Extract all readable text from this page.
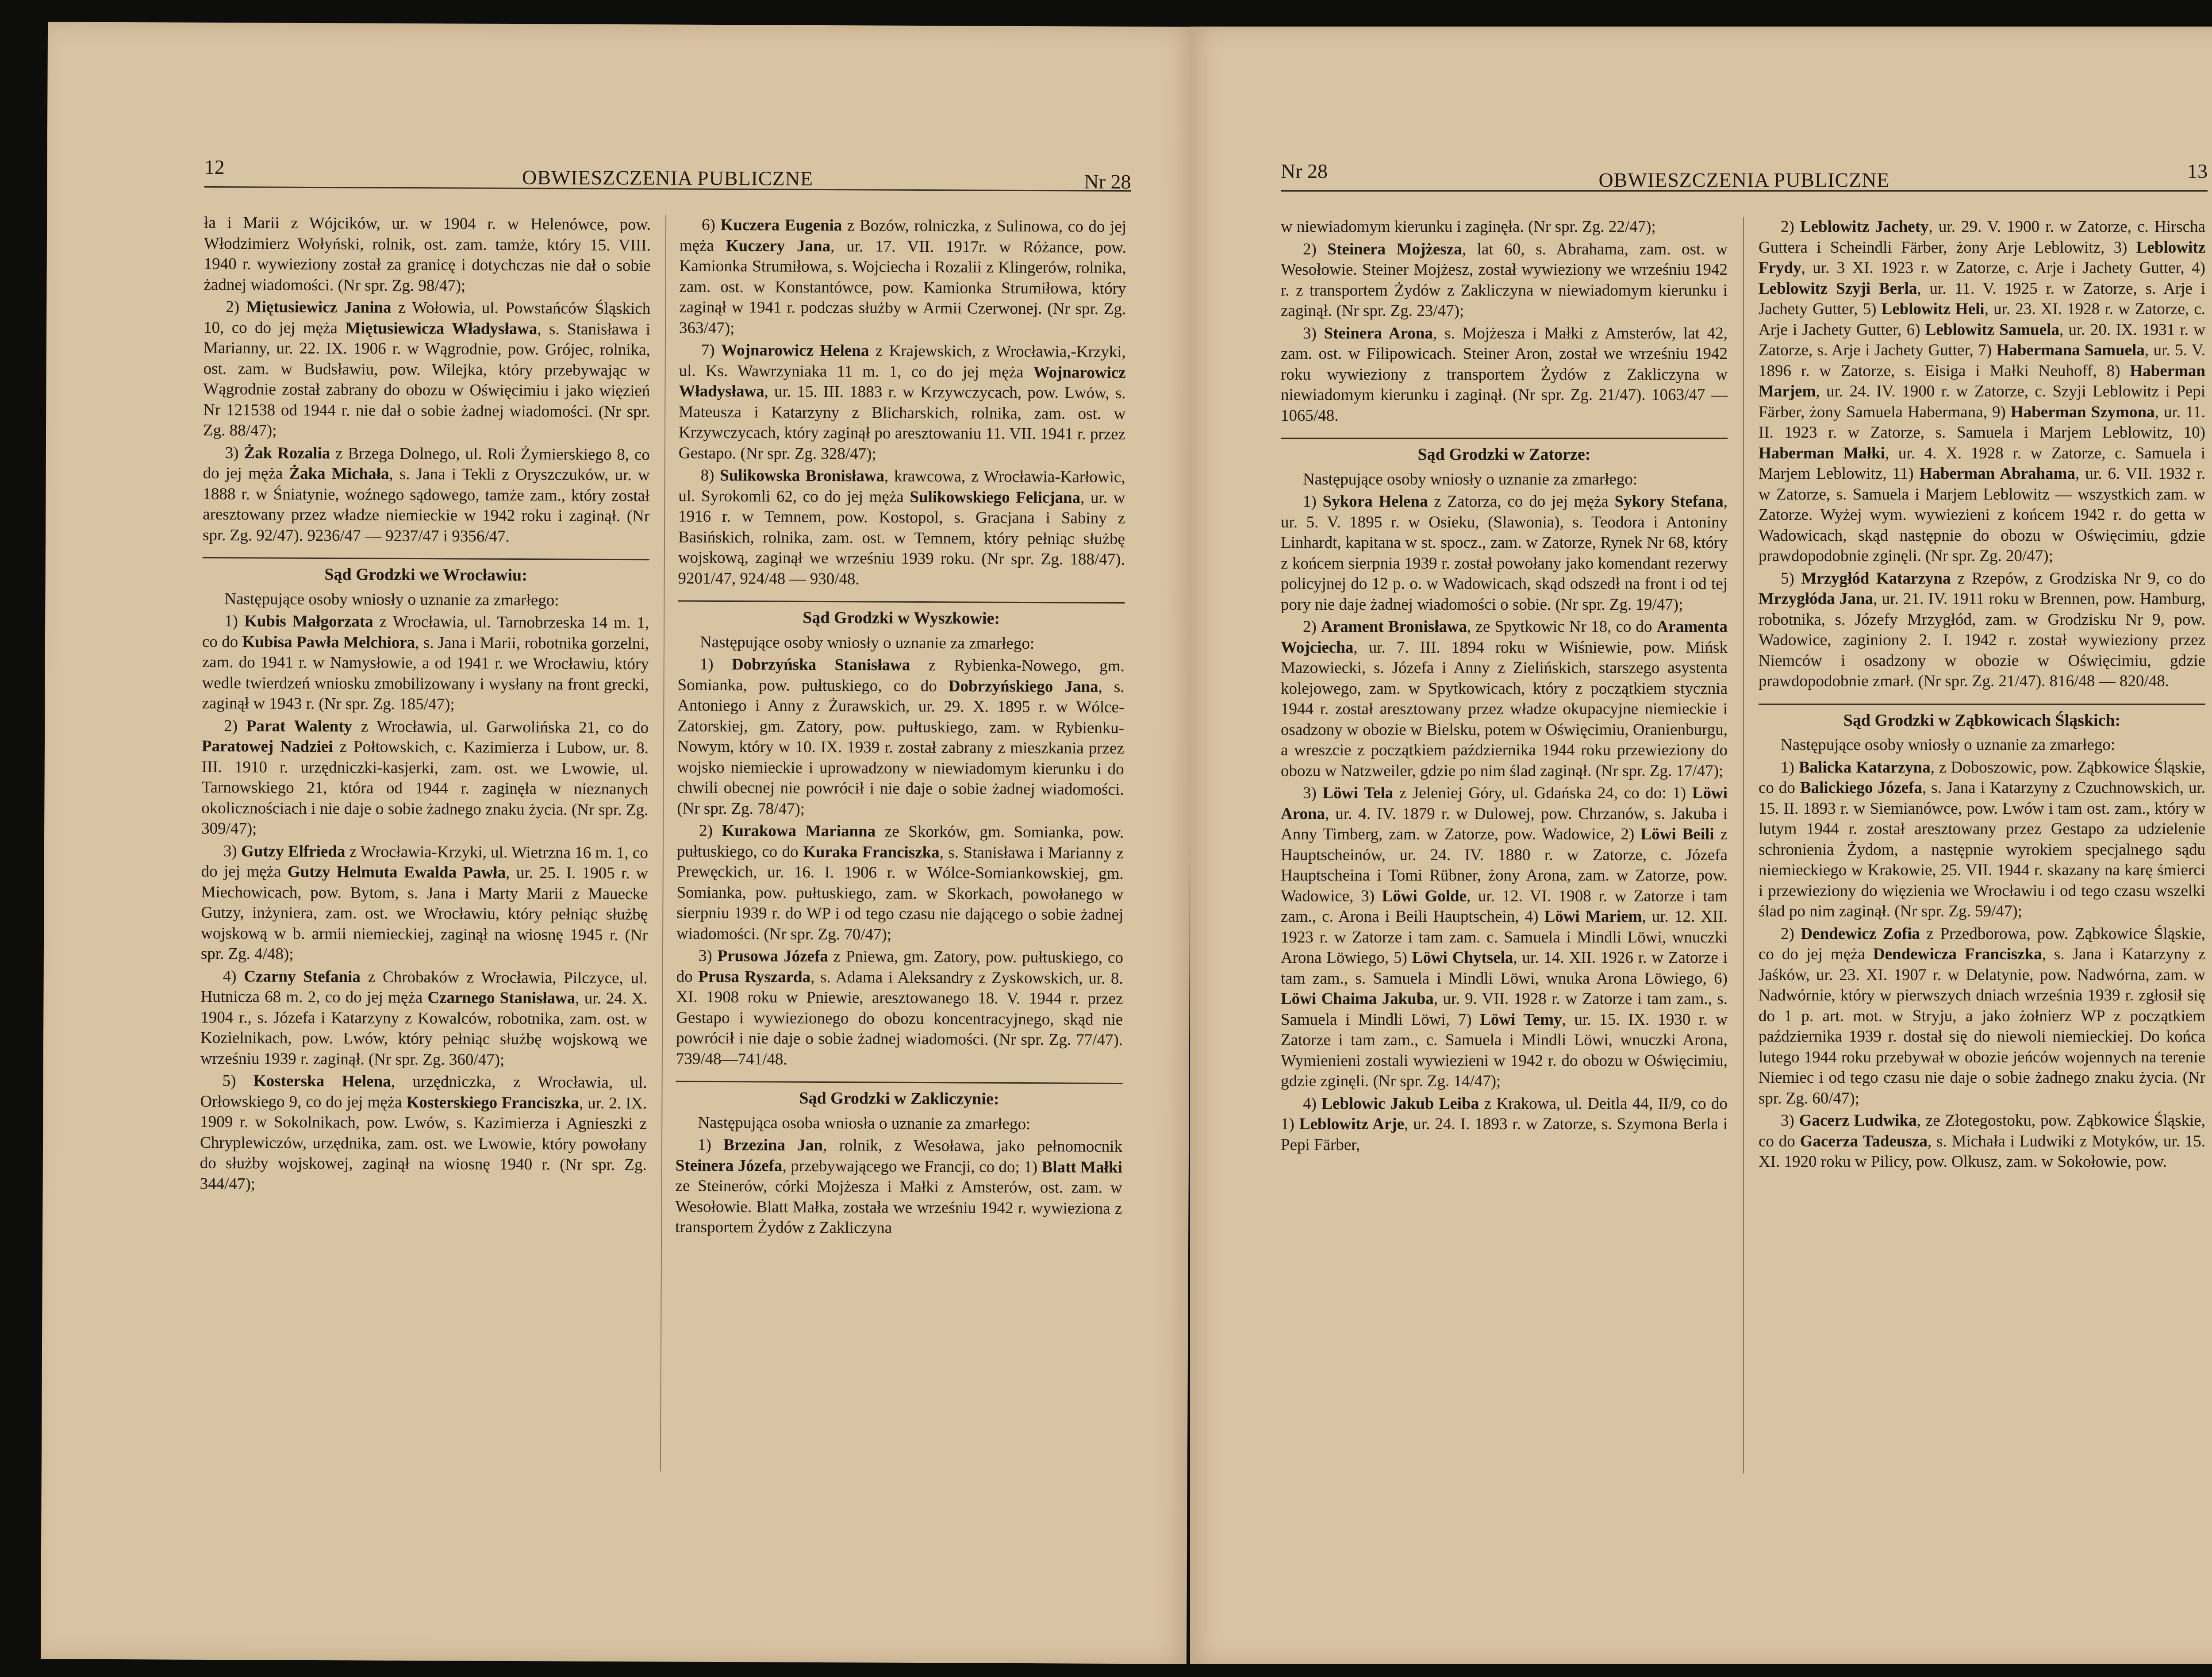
12	OBWIESZCZENIA PUBLICZNE	Nr 28

ła i Marii z Wójcików, ur. w 1904 r. w Helenówce, pow. Włodzimierz Wołyński, rolnik, ost. zam. tamże, który 15. VIII. 1940 r. wywieziony został za granicę i dotychczas nie dał o sobie żadnej wiadomości. (Nr spr. Zg. 98/47);

2) Miętusiewicz Janina z Wołowia, ul. Powstańców Śląskich 10, co do jej męża Miętusiewicza Władysława, s. Stanisława i Marianny, ur. 22. IX. 1906 r. w Wągrodnie, pow. Grójec, rolnika, ost. zam. w Budsławiu, pow. Wilejka, który przebywając w Wągrodnie został zabrany do obozu w Oświęcimiu i jako więzień Nr 121538 od 1944 r. nie dał o sobie żadnej wiadomości. (Nr spr. Zg. 88/47);

3) Żak Rozalia z Brzega Dolnego, ul. Roli Żymierskiego 8, co do jej męża Żaka Michała, s. Jana i Tekli z Oryszczuków, ur. w 1888 r. w Śniatynie, woźnego sądowego, tamże zam., który został aresztowany przez władze niemieckie w 1942 roku i zaginął. (Nr spr. Zg. 92/47). 9236/47 — 9237/47 i 9356/47.

Sąd Grodzki we Wrocławiu:

Następujące osoby wniosły o uznanie za zmarłego:

1) Kubis Małgorzata z Wrocławia, ul. Tarnobrzeska 14 m. 1, co do Kubisa Pawła Melchiora, s. Jana i Marii, robotnika gorzelni, zam. do 1941 r. w Namysłowie, a od 1941 r. we Wrocławiu, który wedle twierdzeń wniosku zmobilizowany i wysłany na front grecki, zaginął w 1943 r. (Nr spr. Zg. 185/47);

2) Parat Walenty z Wrocławia, ul. Garwolińska 21, co do Paratowej Nadziei z Połtowskich, c. Kazimierza i Lubow, ur. 8. III. 1910 r. urzędniczki-kasjerki, zam. ost. we Lwowie, ul. Tarnowskiego 21, która od 1944 r. zaginęła w nieznanych okolicznościach i nie daje o sobie żadnego znaku życia. (Nr spr. Zg. 309/47);

3) Gutzy Elfrieda z Wrocławia-Krzyki, ul. Wietrzna 16 m. 1, co do jej męża Gutzy Helmuta Ewalda Pawła, ur. 25. I. 1905 r. w Miechowicach, pow. Bytom, s. Jana i Marty Marii z Mauecke Gutzy, inżyniera, zam. ost. we Wrocławiu, który pełniąc służbę wojskową w b. armii niemieckiej, zaginął na wiosnę 1945 r. (Nr spr. Zg. 4/48);

4) Czarny Stefania z Chrobaków z Wrocławia, Pilczyce, ul. Hutnicza 68 m. 2, co do jej męża Czarnego Stanisława, ur. 24. X. 1904 r., s. Józefa i Katarzyny z Kowalców, robotnika, zam. ost. w Kozielnikach, pow. Lwów, który pełniąc służbę wojskową we wrześniu 1939 r. zaginął. (Nr spr. Zg. 360/47);

5) Kosterska Helena, urzędniczka, z Wrocławia, ul. Orłowskiego 9, co do jej męża Kosterskiego Franciszka, ur. 2. IX. 1909 r. w Sokolnikach, pow. Lwów, s. Kazimierza i Agnieszki z Chryplewiczów, urzędnika, zam. ost. we Lwowie, który powołany do służby wojskowej, zaginął na wiosnę 1940 r. (Nr spr. Zg. 344/47);

6) Kuczera Eugenia z Bozów, rolniczka, z Sulinowa, co do jej męża Kuczery Jana, ur. 17. VII. 1917r. w Różance, pow. Kamionka Strumiłowa, s. Wojciecha i Rozalii z Klingerów, rolnika, zam. ost. w Konstantówce, pow. Kamionka Strumiłowa, który zaginął w 1941 r. podczas służby w Armii Czerwonej. (Nr spr. Zg. 363/47);

7) Wojnarowicz Helena z Krajewskich, z Wrocławia,-Krzyki, ul. Ks. Wawrzyniaka 11 m. 1, co do jej męża Wojnarowicz Władysława, ur. 15. III. 1883 r. w Krzywczycach, pow. Lwów, s. Mateusza i Katarzyny z Blicharskich, rolnika, zam. ost. w Krzywczycach, który zaginął po aresztowaniu 11. VII. 1941 r. przez Gestapo. (Nr spr. Zg. 328/47);

8) Sulikowska Bronisława, krawcowa, z Wrocławia-Karłowic, ul. Syrokomli 62, co do jej męża Sulikowskiego Felicjana, ur. w 1916 r. w Temnem, pow. Kostopol, s. Gracjana i Sabiny z Basińskich, rolnika, zam. ost. w Temnem, który pełniąc służbę wojskową, zaginął we wrześniu 1939 roku. (Nr spr. Zg. 188/47). 9201/47, 924/48 — 930/48.

Sąd Grodzki w Wyszkowie:

Następujące osoby wniosły o uznanie za zmarłego:

1) Dobrzyńska Stanisława z Rybienka-Nowego, gm. Somianka, pow. pułtuskiego, co do Dobrzyńskiego Jana, s. Antoniego i Anny z Żurawskich, ur. 29. X. 1895 r. w Wólce-Zatorskiej, gm. Zatory, pow. pułtuskiego, zam. w Rybienku-Nowym, który w 10. IX. 1939 r. został zabrany z mieszkania przez wojsko niemieckie i uprowadzony w niewiadomym kierunku i do chwili obecnej nie powrócił i nie daje o sobie żadnej wiadomości. (Nr spr. Zg. 78/47);

2) Kurakowa Marianna ze Skorków, gm. Somianka, pow. pułtuskiego, co do Kuraka Franciszka, s. Stanisława i Marianny z Prewęckich, ur. 16. I. 1906 r. w Wólce-Somiankowskiej, gm. Somianka, pow. pułtuskiego, zam. w Skorkach, powołanego w sierpniu 1939 r. do WP i od tego czasu nie dającego o sobie żadnej wiadomości. (Nr spr. Zg. 70/47);

3) Prusowa Józefa z Pniewa, gm. Zatory, pow. pułtuskiego, co do Prusa Ryszarda, s. Adama i Aleksandry z Zyskowskich, ur. 8. XI. 1908 roku w Pniewie, aresztowanego 18. V. 1944 r. przez Gestapo i wywiezionego do obozu koncentracyjnego, skąd nie powrócił i nie daje o sobie żadnej wiadomości. (Nr spr. Zg. 77/47). 739/48—741/48.

Sąd Grodzki w Zakliczynie:

Następująca osoba wniosła o uznanie za zmarłego:

1) Brzezina Jan, rolnik, z Wesoława, jako pełnomocnik Steinera Józefa, przebywającego we Francji, co do; 1) Blatt Małki ze Steinerów, córki Mojżesza i Małki z Amsterów, ost. zam. w Wesołowie. Blatt Małka, została we wrześniu 1942 r. wywieziona z transportem Żydów z Zakliczyna

Nr 28	OBWIESZCZENIA PUBLICZNE	13

w niewiadomym kierunku i zaginęła. (Nr spr. Zg. 22/47);

2) Steinera Mojżesza, lat 60, s. Abrahama, zam. ost. w Wesołowie. Steiner Mojżesz, został wywieziony we wrześniu 1942 r. z transportem Żydów z Zakliczyna w niewiadomym kierunku i zaginął. (Nr spr. Zg. 23/47);

3) Steinera Arona, s. Mojżesza i Małki z Amsterów, lat 42, zam. ost. w Filipowicach. Steiner Aron, został we wrześniu 1942 roku wywieziony z transportem Żydów z Zakliczyna w niewiadomym kierunku i zaginął. (Nr spr. Zg. 21/47). 1063/47 — 1065/48.

Sąd Grodzki w Zatorze:

Następujące osoby wniosły o uznanie za zmarłego:

1) Sykora Helena z Zatorza, co do jej męża Sykory Stefana, ur. 5. V. 1895 r. w Osieku, (Slawonia), s. Teodora i Antoniny Linhardt, kapitana w st. spocz., zam. w Zatorze, Rynek Nr 68, który z końcem sierpnia 1939 r. został powołany jako komendant rezerwy policyjnej do 12 p. o. w Wadowicach, skąd odszedł na front i od tej pory nie daje żadnej wiadomości o sobie. (Nr spr. Zg. 19/47);

2) Arament Bronisława, ze Spytkowic Nr 18, co do Aramenta Wojciecha, ur. 7. III. 1894 roku w Wiśniewie, pow. Mińsk Mazowiecki, s. Józefa i Anny z Zielińskich, starszego asystenta kolejowego, zam. w Spytkowicach, który z początkiem stycznia 1944 r. został aresztowany przez władze okupacyjne niemieckie i osadzony w obozie w Bielsku, potem w Oświęcimiu, Oranienburgu, a wreszcie z początkiem października 1944 roku przewieziony do obozu w Natzweiler, gdzie po nim ślad zaginął. (Nr spr. Zg. 17/47);

3) Löwi Tela z Jeleniej Góry, ul. Gdańska 24, co do: 1) Löwi Arona, ur. 4. IV. 1879 r. w Dulowej, pow. Chrzanów, s. Jakuba i Anny Timberg, zam. w Zatorze, pow. Wadowice, 2) Löwi Beili z Hauptscheinów, ur. 24. IV. 1880 r. w Zatorze, c. Józefa Hauptscheina i Tomi Rübner, żony Arona, zam. w Zatorze, pow. Wadowice, 3) Löwi Golde, ur. 12. VI. 1908 r. w Zatorze i tam zam., c. Arona i Beili Hauptschein, 4) Löwi Mariem, ur. 12. XII. 1923 r. w Zatorze i tam zam. c. Samuela i Mindli Löwi, wnuczki Arona Löwiego, 5) Löwi Chytsela, ur. 14. XII. 1926 r. w Zatorze i tam zam., s. Samuela i Mindli Löwi, wnuka Arona Löwiego, 6) Löwi Chaima Jakuba, ur. 9. VII. 1928 r. w Zatorze i tam zam., s. Samuela i Mindli Löwi, 7) Löwi Temy, ur. 15. IX. 1930 r. w Zatorze i tam zam., c. Samuela i Mindli Löwi, wnuczki Arona, Wymienieni zostali wywiezieni w 1942 r. do obozu w Oświęcimiu, gdzie zginęli. (Nr spr. Zg. 14/47);

4) Leblowic Jakub Leiba z Krakowa, ul. Deitla 44, II/9, co do 1) Leblowitz Arje, ur. 24. I. 1893 r. w Zatorze, s. Szymona Berla i Pepi Färber,

2) Leblowitz Jachety, ur. 29. V. 1900 r. w Zatorze, c. Hirscha Guttera i Scheindli Färber, żony Arje Leblowitz, 3) Leblowitz Frydy, ur. 3 XI. 1923 r. w Zatorze, c. Arje i Jachety Gutter, 4) Leblowitz Szyji Berla, ur. 11. V. 1925 r. w Zatorze, s. Arje i Jachety Gutter, 5) Leblowitz Heli, ur. 23. XI. 1928 r. w Zatorze, c. Arje i Jachety Gutter, 6) Leblowitz Samuela, ur. 20. IX. 1931 r. w Zatorze, s. Arje i Jachety Gutter, 7) Habermana Samuela, ur. 5. V. 1896 r. w Zatorze, s. Eisiga i Małki Neuhoff, 8) Haberman Marjem, ur. 24. IV. 1900 r. w Zatorze, c. Szyji Leblowitz i Pepi Färber, żony Samuela Habermana, 9) Haberman Szymona, ur. 11. II. 1923 r. w Zatorze, s. Samuela i Marjem Leblowitz, 10) Haberman Małki, ur. 4. X. 1928 r. w Zatorze, c. Samuela i Marjem Leblowitz, 11) Haberman Abrahama, ur. 6. VII. 1932 r. w Zatorze, s. Samuela i Marjem Leblowitz — wszystkich zam. w Zatorze. Wyżej wym. wywiezieni z końcem 1942 r. do getta w Wadowicach, skąd następnie do obozu w Oświęcimiu, gdzie prawdopodobnie zginęli. (Nr spr. Zg. 20/47);

5) Mrzygłód Katarzyna z Rzepów, z Grodziska Nr 9, co do Mrzygłóda Jana, ur. 21. IV. 1911 roku w Brennen, pow. Hamburg, robotnika, s. Józefy Mrzygłód, zam. w Grodzisku Nr 9, pow. Wadowice, zaginiony 2. I. 1942 r. został wywieziony przez Niemców i osadzony w obozie w Oświęcimiu, gdzie prawdopodobnie zmarł. (Nr spr. Zg. 21/47). 816/48 — 820/48.

Sąd Grodzki w Ząbkowicach Śląskich:

Następujące osoby wniosły o uznanie za zmarłego:

1) Balicka Katarzyna, z Doboszowic, pow. Ząbkowice Śląskie, co do Balickiego Józefa, s. Jana i Katarzyny z Czuchnowskich, ur. 15. II. 1893 r. w Siemianówce, pow. Lwów i tam ost. zam., który w lutym 1944 r. został aresztowany przez Gestapo za udzielenie schronienia Żydom, a następnie wyrokiem specjalnego sądu niemieckiego w Krakowie, 25. VII. 1944 r. skazany na karę śmierci i przewieziony do więzienia we Wrocławiu i od tego czasu wszelki ślad po nim zaginął. (Nr spr. Zg. 59/47);

2) Dendewicz Zofia z Przedborowa, pow. Ząbkowice Śląskie, co do jej męża Dendewicza Franciszka, s. Jana i Katarzyny z Jaśków, ur. 23. XI. 1907 r. w Delatynie, pow. Nadwórna, zam. w Nadwórnie, który w pierwszych dniach września 1939 r. zgłosił się do 1 p. art. mot. w Stryju, a jako żołnierz WP z początkiem października 1939 r. dostał się do niewoli niemieckiej. Do końca lutego 1944 roku przebywał w obozie jeńców wojennych na terenie Niemiec i od tego czasu nie daje o sobie żadnego znaku życia. (Nr spr. Zg. 60/47);

3) Gacerz Ludwika, ze Złotegostoku, pow. Ząbkowice Śląskie, co do Gacerza Tadeusza, s. Michała i Ludwiki z Motyków, ur. 15. XI. 1920 roku w Pilicy, pow. Olkusz, zam. w Sokołowie, pow.
